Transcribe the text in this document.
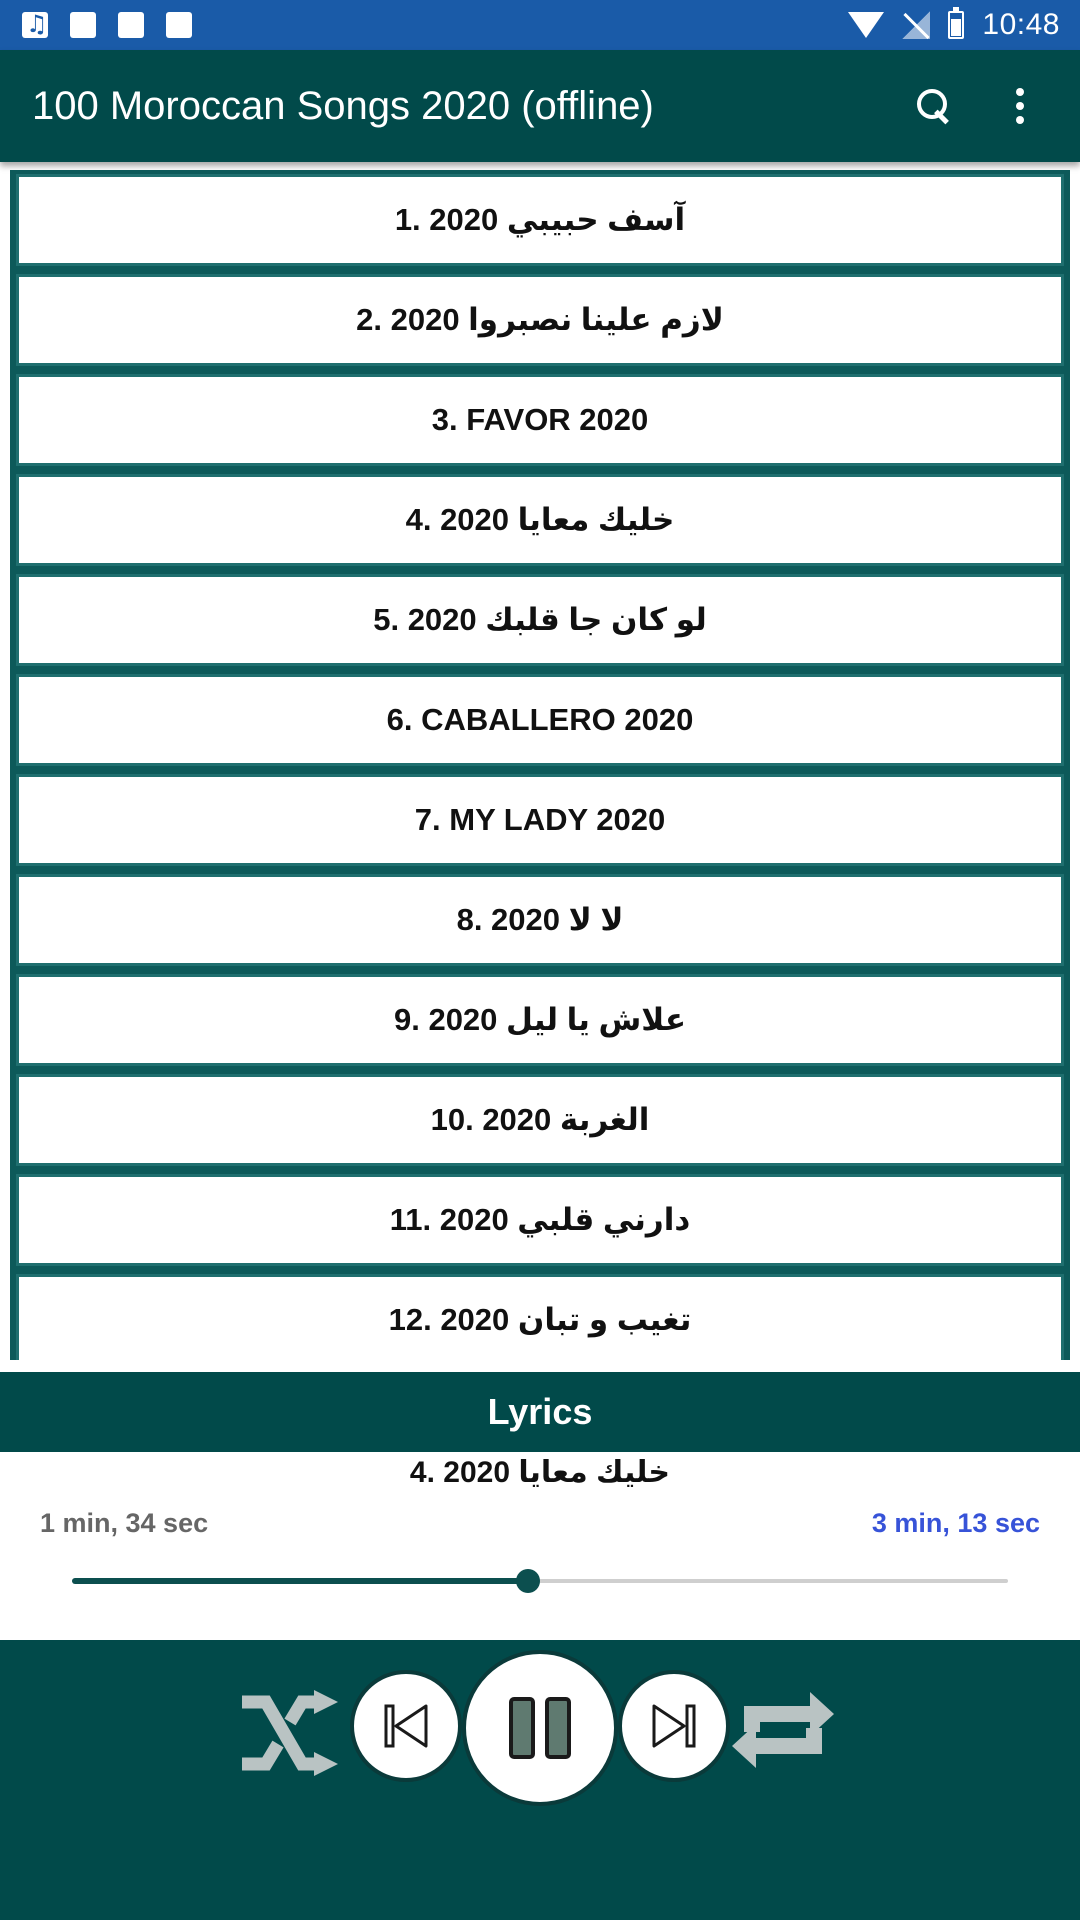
♫
10:48
100 Moroccan Songs 2020 (offline)
1. آسف حبيبي 2020
2. لازم علينا نصبروا 2020
3. FAVOR 2020
4. خليك معايا 2020
5. لو كان جا قلبك 2020
6. CABALLERO 2020
7. MY LADY 2020
8. لا لا 2020
9. علاش يا ليل 2020
10. الغربة 2020
11. دارني قلبي 2020
12. تغيب و تبان 2020
Lyrics
4. خليك معايا 2020
1 min, 34 sec	3 min, 13 sec
